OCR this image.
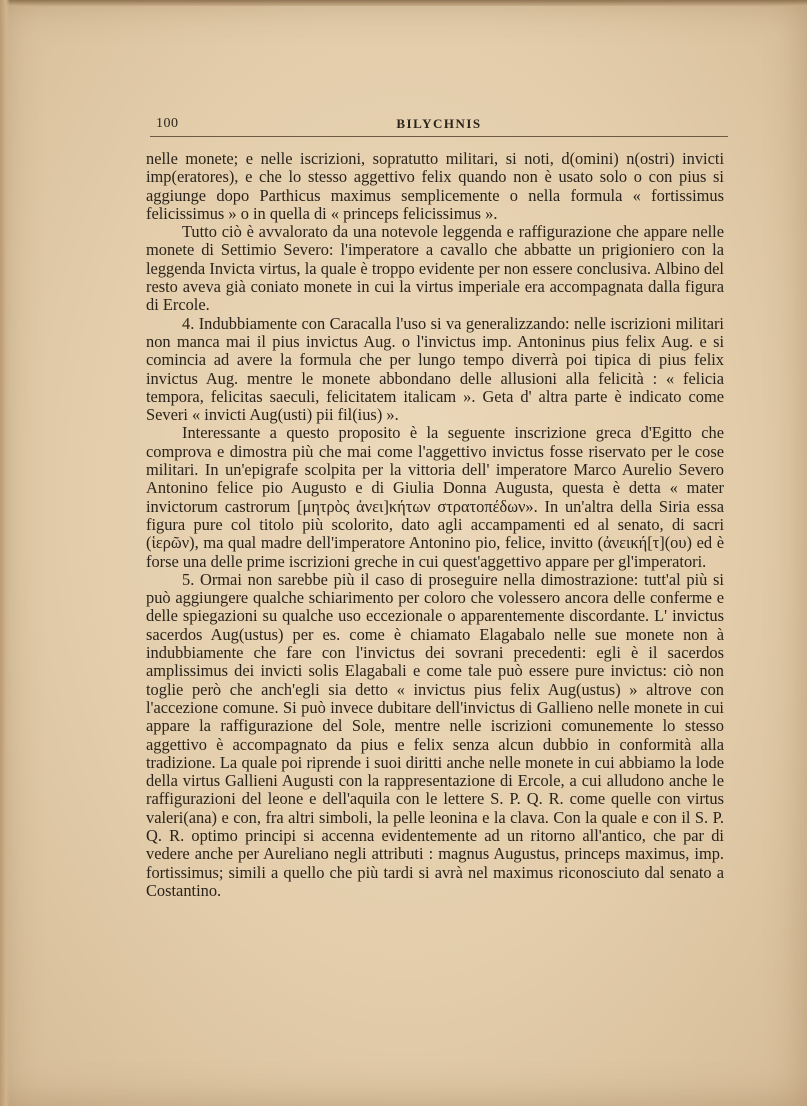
100	BILYCHNIS

nelle monete; e nelle iscrizioni, sopratutto militari, si noti, d(omini) n(ostri) invicti imp(eratores), e che lo stesso aggettivo felix quando non è usato solo o con pius si aggiunge dopo Parthicus maximus semplicemente o nella formula « fortissimus felicissimus » o in quella di « princeps felicissimus ».

Tutto ciò è avvalorato da una notevole leggenda e raffigurazione che appare nelle monete di Settimio Severo: l'imperatore a cavallo che abbatte un prigioniero con la leggenda Invicta virtus, la quale è troppo evidente per non essere conclusiva. Albino del resto aveva già coniato monete in cui la virtus imperiale era accompagnata dalla figura di Ercole.

4. Indubbiamente con Caracalla l'uso si va generalizzando: nelle iscrizioni militari non manca mai il pius invictus Aug. o l'invictus imp. Antoninus pius felix Aug. e si comincia ad avere la formula che per lungo tempo diverrà poi tipica di pius felix invictus Aug. mentre le monete abbondano delle allusioni alla felicità : « felicia tempora, felicitas saeculi, felicitatem italicam ». Geta d' altra parte è indicato come Severi « invicti Aug(usti) pii fil(ius) ».

Interessante a questo proposito è la seguente inscrizione greca d'Egitto che comprova e dimostra più che mai come l'aggettivo invictus fosse riservato per le cose militari. In un'epigrafe scolpita per la vittoria dell' imperatore Marco Aurelio Severo Antonino felice pio Augusto e di Giulia Donna Augusta, questa è detta « mater invictorum castrorum [μητρὸς ἀνει]κήτων στρατοπέδων». In un'altra della Siria essa figura pure col titolo più scolorito, dato agli accampamenti ed al senato, di sacri (ἱερῶν), ma qual madre dell'imperatore Antonino pio, felice, invitto (ἀνεική[τ](ου) ed è forse una delle prime iscrizioni greche in cui quest'aggettivo appare per gl'imperatori.

5. Ormai non sarebbe più il caso di proseguire nella dimostrazione: tutt'al più si può aggiungere qualche schiarimento per coloro che volessero ancora delle conferme e delle spiegazioni su qualche uso eccezionale o apparentemente discordante. L' invictus sacerdos Aug(ustus) per es. come è chiamato Elagabalo nelle sue monete non à indubbiamente che fare con l'invictus dei sovrani precedenti: egli è il sacerdos amplissimus dei invicti solis Elagabali e come tale può essere pure invictus: ciò non toglie però che anch'egli sia detto « invictus pius felix Aug(ustus) » altrove con l'accezione comune. Si può invece dubitare dell'invictus di Gallieno nelle monete in cui appare la raffigurazione del Sole, mentre nelle iscrizioni comunemente lo stesso aggettivo è accompagnato da pius e felix senza alcun dubbio in conformità alla tradizione. La quale poi riprende i suoi diritti anche nelle monete in cui abbiamo la lode della virtus Gallieni Augusti con la rappresentazione di Ercole, a cui alludono anche le raffigurazioni del leone e dell'aquila con le lettere S. P. Q. R. come quelle con virtus valeri(ana) e con, fra altri simboli, la pelle leonina e la clava. Con la quale e con il S. P. Q. R. optimo principi si accenna evidentemente ad un ritorno all'antico, che par di vedere anche per Aureliano negli attributi : magnus Augustus, princeps maximus, imp. fortissimus; simili a quello che più tardi si avrà nel maximus riconosciuto dal senato a Costantino.
